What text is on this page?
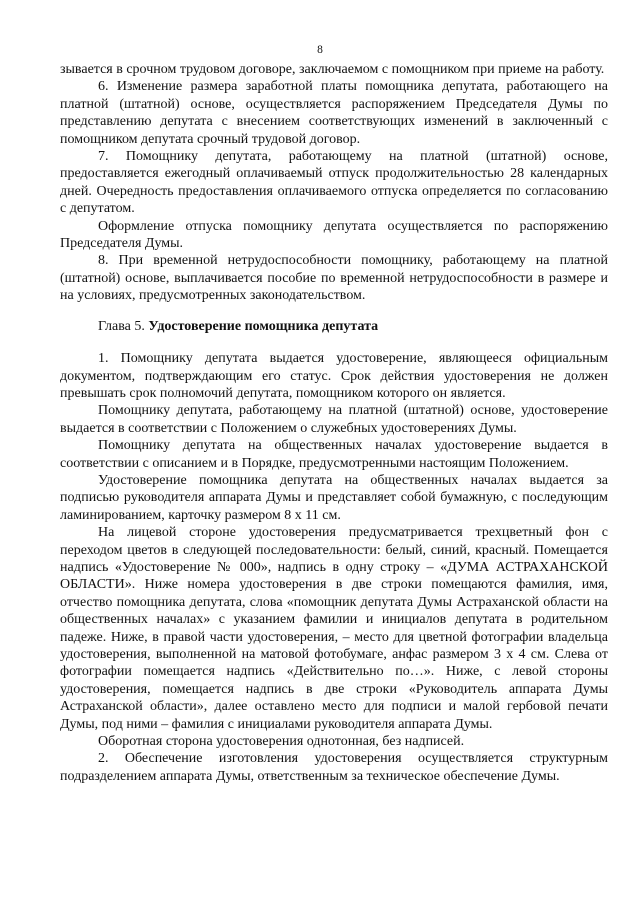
8

зывается в срочном трудовом договоре, заключаемом с помощником при приеме на работу.

6. Изменение размера заработной платы помощника депутата, работающего на платной (штатной) основе, осуществляется распоряжением Председателя Думы по представлению депутата с внесением соответствующих изменений в заключенный с помощником депутата срочный трудовой договор.

7. Помощнику депутата, работающему на платной (штатной) основе, предоставляется ежегодный оплачиваемый отпуск продолжительностью 28 календарных дней. Очередность предоставления оплачиваемого отпуска определяется по согласованию с депутатом.

Оформление отпуска помощнику депутата осуществляется по распоряжению Председателя Думы.

8. При временной нетрудоспособности помощнику, работающему на платной (штатной) основе, выплачивается пособие по временной нетрудоспособности в размере и на условиях, предусмотренных законодательством.

Глава 5. Удостоверение помощника депутата

1. Помощнику депутата выдается удостоверение, являющееся официальным документом, подтверждающим его статус. Срок действия удостоверения не должен превышать срок полномочий депутата, помощником которого он является.

Помощнику депутата, работающему на платной (штатной) основе, удостоверение выдается в соответствии с Положением о служебных удостоверениях Думы.

Помощнику депутата на общественных началах удостоверение выдается в соответствии с описанием и в Порядке, предусмотренными настоящим Положением.

Удостоверение помощника депутата на общественных началах выдается за подписью руководителя аппарата Думы и представляет собой бумажную, с последующим ламинированием, карточку размером 8 х 11 см.

На лицевой стороне удостоверения предусматривается трехцветный фон с переходом цветов в следующей последовательности: белый, синий, красный. Помещается надпись «Удостоверение № 000», надпись в одну строку – «ДУМА АСТРАХАНСКОЙ ОБЛАСТИ». Ниже номера удостоверения в две строки помещаются фамилия, имя, отчество помощника депутата, слова «помощник депутата Думы Астраханской области на общественных началах» с указанием фамилии и инициалов депутата в родительном падеже. Ниже, в правой части удостоверения, – место для цветной фотографии владельца удостоверения, выполненной на матовой фотобумаге, анфас размером 3 х 4 см. Слева от фотографии помещается надпись «Действительно по…». Ниже, с левой стороны удостоверения, помещается надпись в две строки «Руководитель аппарата Думы Астраханской области», далее оставлено место для подписи и малой гербовой печати Думы, под ними – фамилия с инициалами руководителя аппарата Думы.

Оборотная сторона удостоверения однотонная, без надписей.

2. Обеспечение изготовления удостоверения осуществляется структурным подразделением аппарата Думы, ответственным за техническое обеспечение Думы.
